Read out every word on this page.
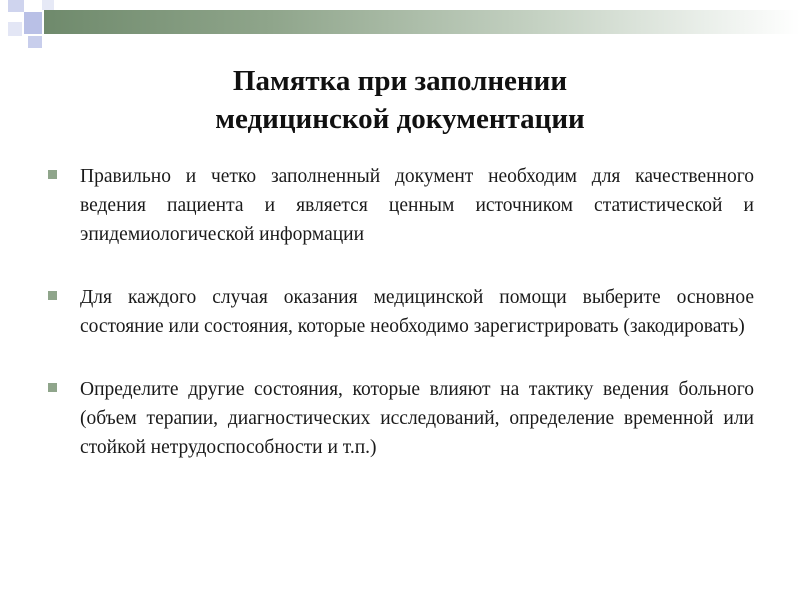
Памятка при заполнении
медицинской документации
Правильно и четко заполненный документ необходим для качественного ведения пациента и является ценным источником статистической и эпидемиологической информации
Для каждого случая оказания медицинской помощи выберите основное состояние или состояния, которые необходимо зарегистрировать (закодировать)
Определите другие состояния, которые влияют на тактику ведения больного (объем терапии, диагностических исследований, определение временной или стойкой нетрудоспособности и т.п.)
